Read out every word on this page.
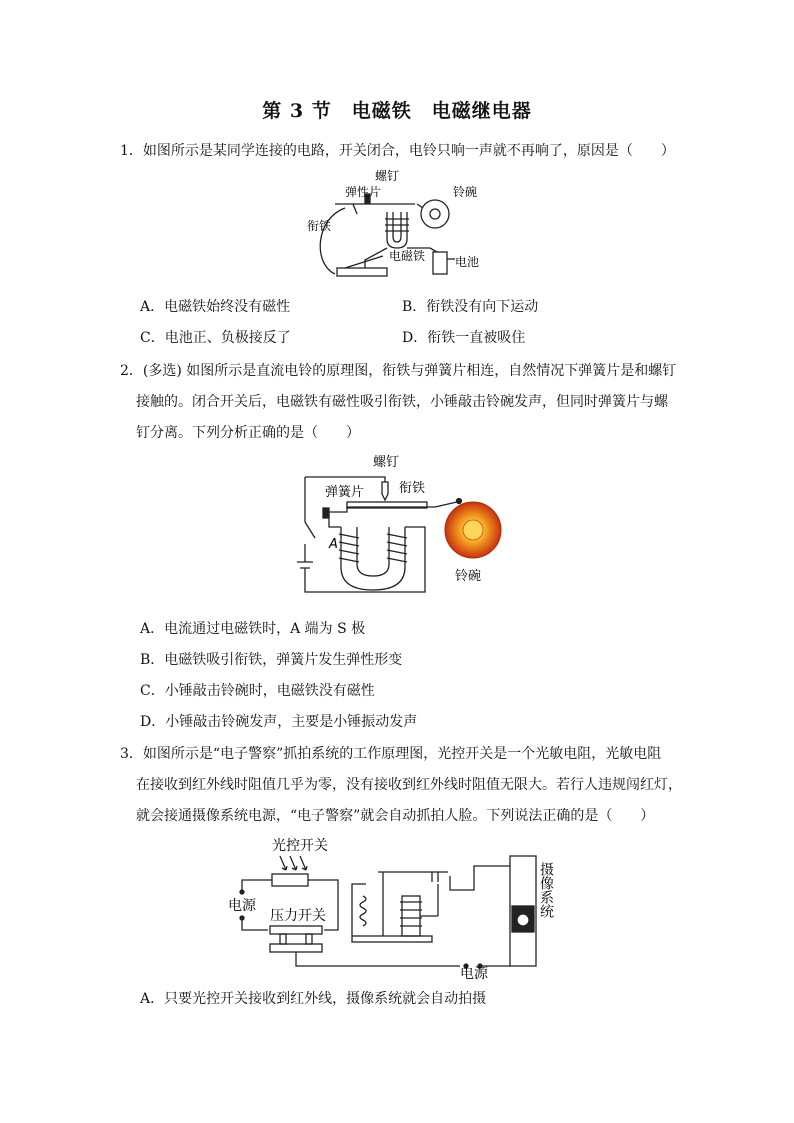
第 3 节　电磁铁　电磁继电器
1．如图所示是某同学连接的电路，开关闭合，电铃只响一声就不再响了，原因是（　　）
弹性片
螺钉
铃碗
衔铁
电磁铁 电池
A．电磁铁始终没有磁性	B．衔铁没有向下运动
C．电池正、负极接反了	D．衔铁一直被吸住
2．(多选) 如图所示是直流电铃的原理图，衔铁与弹簧片相连，自然情况下弹簧片是和螺钉
接触的。闭合开关后，电磁铁有磁性吸引衔铁，小锤敲击铃碗发声，但同时弹簧片与螺
钉分离。下列分析正确的是（　　）
螺钉
弹簧片	衔铁
A
铃碗
A．电流通过电磁铁时，A 端为 S 极
B．电磁铁吸引衔铁，弹簧片发生弹性形变
C．小锤敲击铃碗时，电磁铁没有磁性
D．小锤敲击铃碗发声，主要是小锤振动发声
3．如图所示是“电子警察”抓拍系统的工作原理图，光控开关是一个光敏电阻，光敏电阻
在接收到红外线时阻值几乎为零，没有接收到红外线时阻值无限大。若行人违规闯红灯，
就会接通摄像系统电源，“电子警察”就会自动抓拍人脸。下列说法正确的是（　　）
光控开关
电源
压力开关
电源
摄像系统
A．只要光控开关接收到红外线，摄像系统就会自动拍摄
